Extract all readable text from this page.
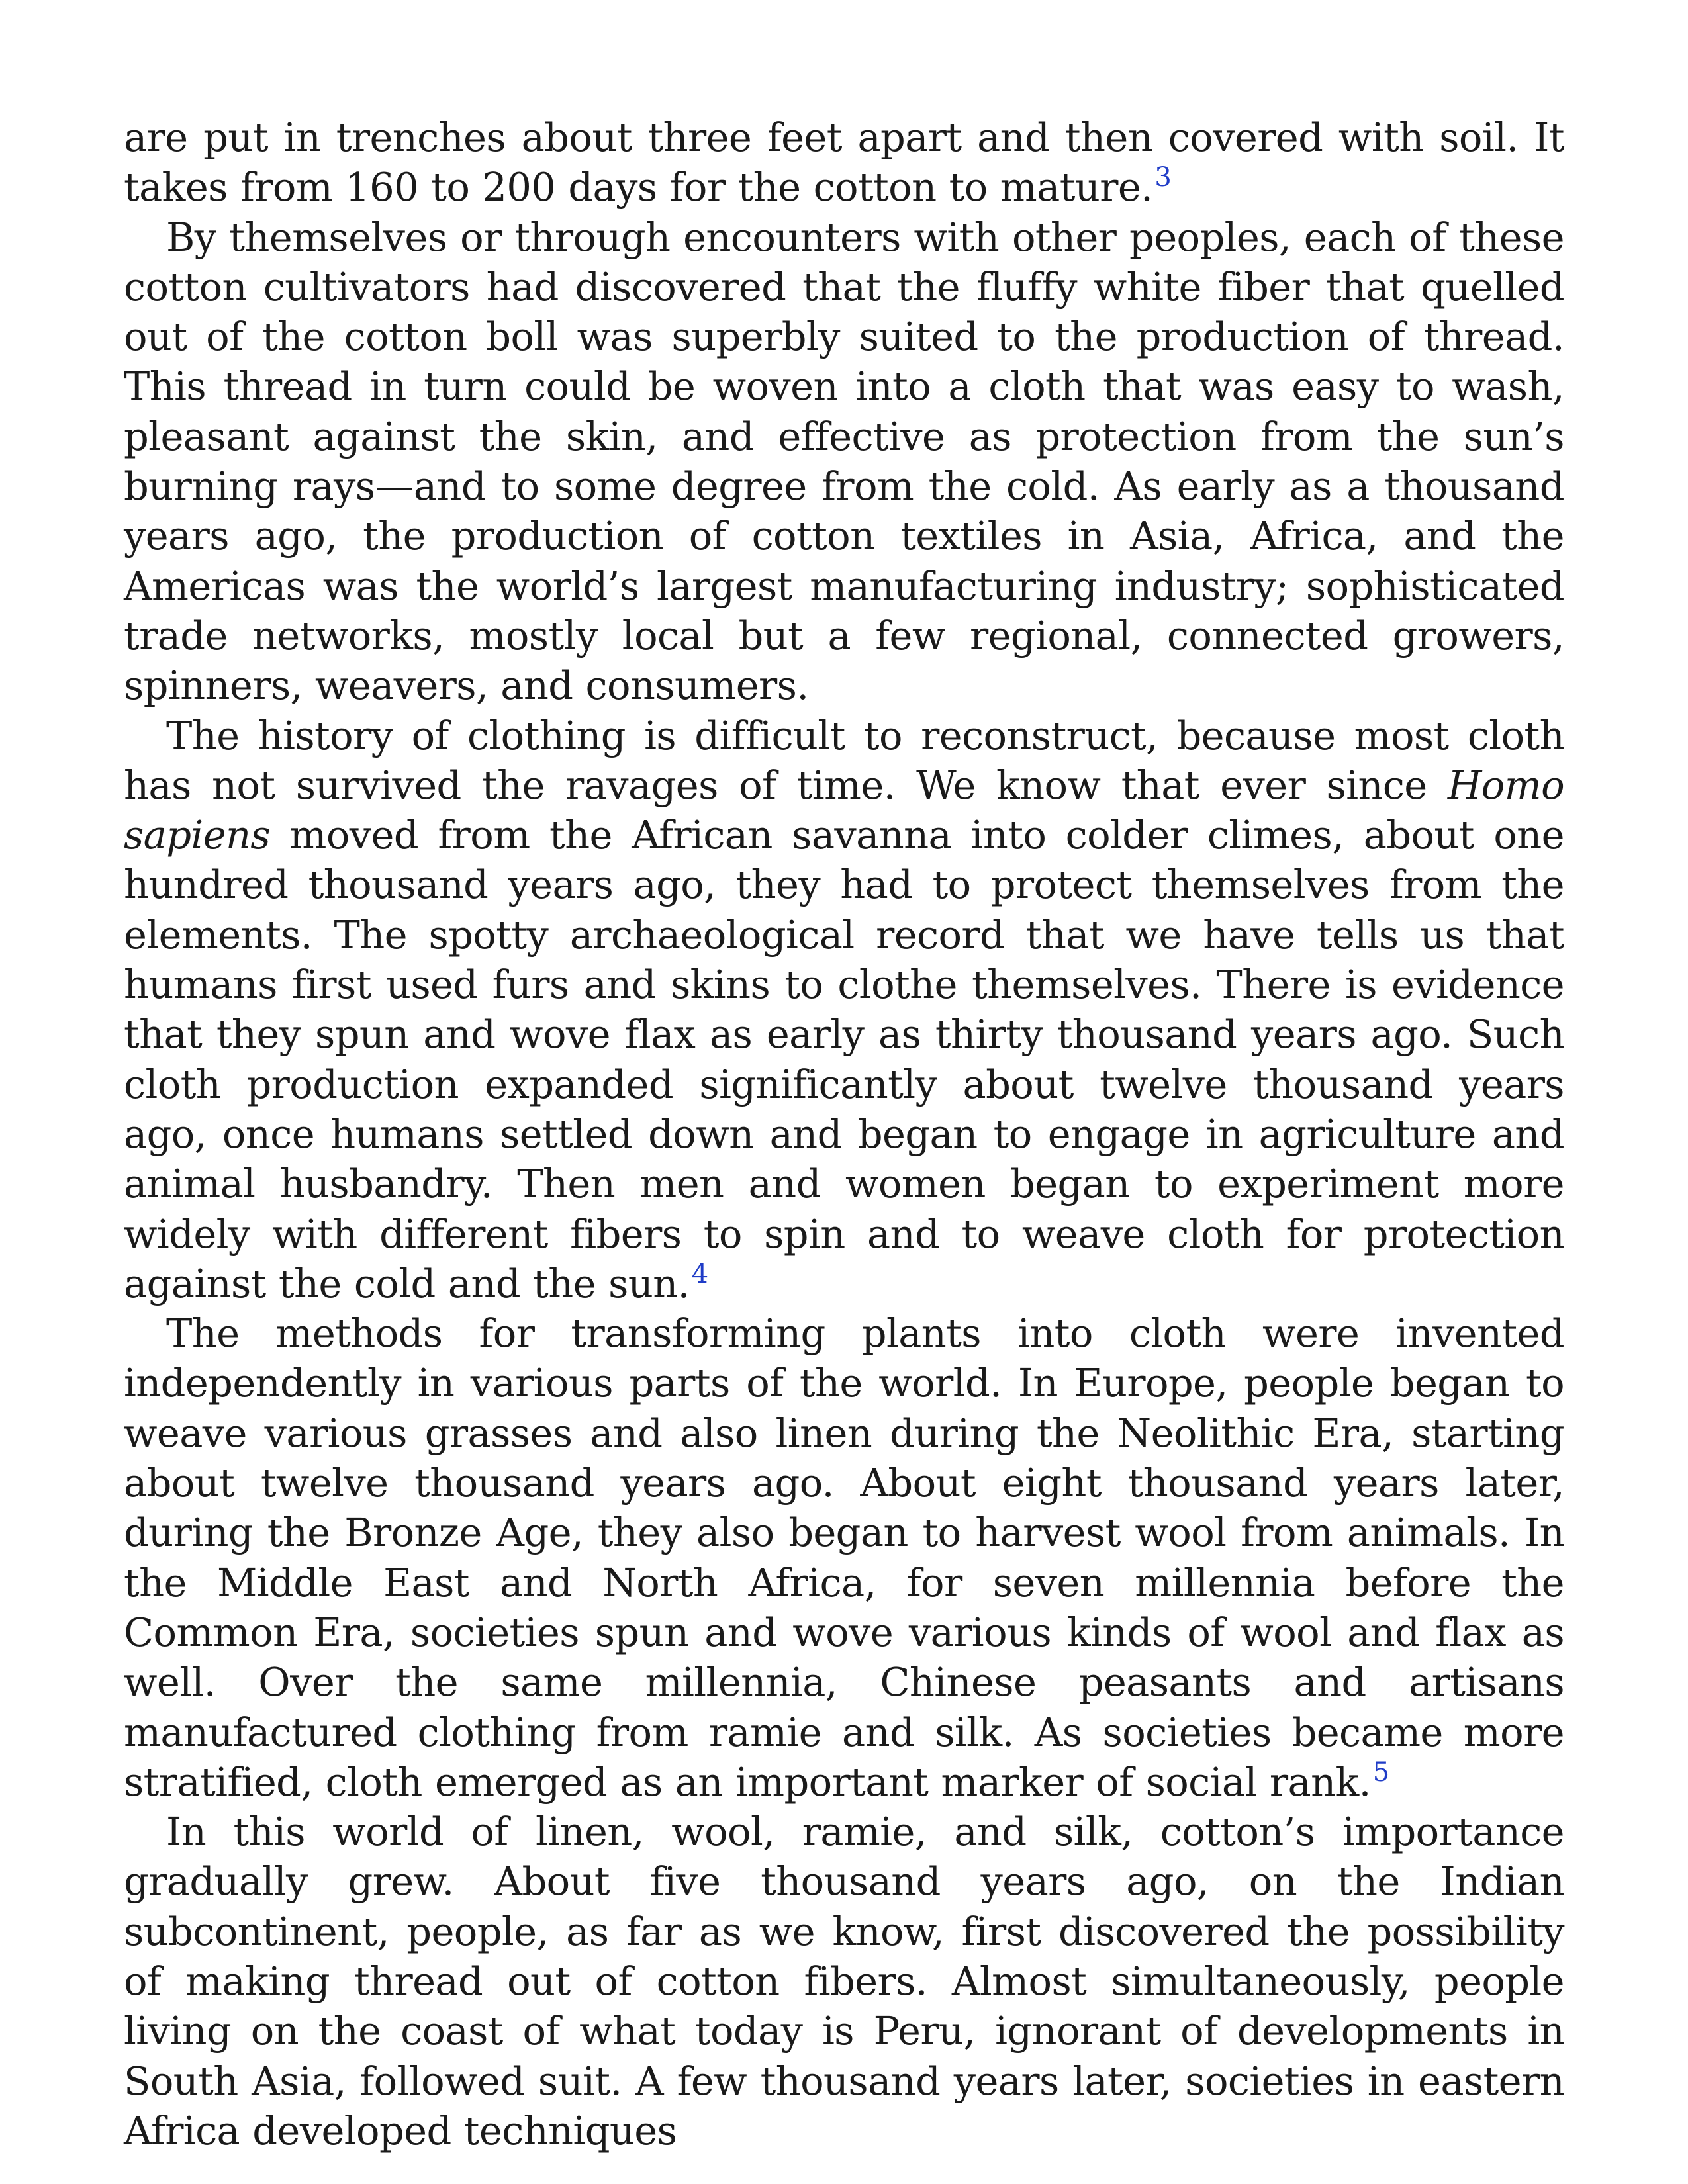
are put in trenches about three feet apart and then covered with soil. It takes from 160 to 200 days for the cotton to mature.$^3$

By themselves or through encounters with other peoples, each of these cotton cultivators had discovered that the fluffy white fiber that quelled out of the cotton boll was superbly suited to the production of thread. This thread in turn could be woven into a cloth that was easy to wash, pleasant against the skin, and effective as protection from the sun’s burning rays—and to some degree from the cold. As early as a thousand years ago, the production of cotton textiles in Asia, Africa, and the Americas was the world’s largest manufacturing industry; sophisticated trade networks, mostly local but a few regional, connected growers, spinners, weavers, and consumers.

The history of clothing is difficult to reconstruct, because most cloth has not survived the ravages of time. We know that ever since Homo sapiens moved from the African savanna into colder climes, about one hundred thousand years ago, they had to protect themselves from the elements. The spotty archaeological record that we have tells us that humans first used furs and skins to clothe themselves. There is evidence that they spun and wove flax as early as thirty thousand years ago. Such cloth production expanded significantly about twelve thousand years ago, once humans settled down and began to engage in agriculture and animal husbandry. Then men and women began to experiment more widely with different fibers to spin and to weave cloth for protection against the cold and the sun.$^4$

The methods for transforming plants into cloth were invented independently in various parts of the world. In Europe, people began to weave various grasses and also linen during the Neolithic Era, starting about twelve thousand years ago. About eight thousand years later, during the Bronze Age, they also began to harvest wool from animals. In the Middle East and North Africa, for seven millennia before the Common Era, societies spun and wove various kinds of wool and flax as well. Over the same millennia, Chinese peasants and artisans manufactured clothing from ramie and silk. As societies became more stratified, cloth emerged as an important marker of social rank.$^5$

In this world of linen, wool, ramie, and silk, cotton’s importance gradually grew. About five thousand years ago, on the Indian subcontinent, people, as far as we know, first discovered the possibility of making thread out of cotton fibers. Almost simultaneously, people living on the coast of what today is Peru, ignorant of developments in South Asia, followed suit. A few thousand years later, societies in eastern Africa developed techniques
